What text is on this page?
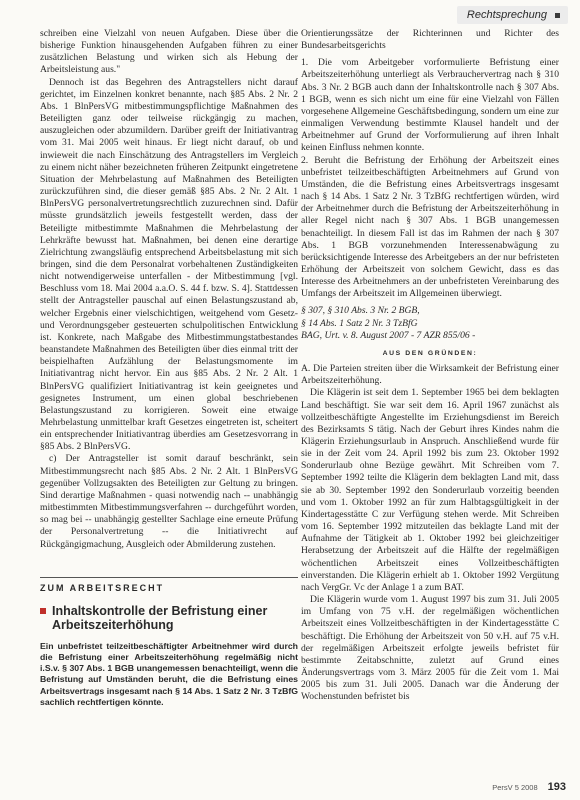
Rechtsprechung

schreiben eine Vielzahl von neuen Aufgaben. Diese über die bisherige Funktion hinausgehenden Aufgaben führen zu einer zusätzlichen Belastung und wirken sich als Hebung der Arbeitsleistung aus."

Dennoch ist das Begehren des Antragstellers nicht darauf gerichtet, im Einzelnen konkret benannte, nach §85 Abs. 2 Nr. 2 Abs. 1 BlnPersVG mitbestimmungspflichtige Maßnahmen des Beteiligten ganz oder teilweise rückgängig zu machen, auszugleichen oder abzumildern. Darüber greift der Initiativantrag vom 31. Mai 2005 weit hinaus. Er liegt nicht darauf, ob und inwieweit die nach Einschätzung des Antragstellers im Vergleich zu einem nicht näher bezeichneten früheren Zeitpunkt eingetretene Situation der Mehrbelastung auf Maßnahmen des Beteiligten zurückzuführen sind, die dieser gemäß §85 Abs. 2 Nr. 2 Alt. 1 BlnPersVG personalvertretungsrechtlich zuzurechnen sind. Dafür müsste grundsätzlich jeweils festgestellt werden, dass der Beteiligte mitbestimmte Maßnahmen die Mehrbelastung der Lehrkräfte bewusst hat. Maßnahmen, bei denen eine derartige Zielrichtung zwangsläufig entsprechend Arbeitsbelastung mit sich bringen, sind die dem Personalrat vorbehaltenen Zuständigkeiten nicht notwendigerweise unterfallen - der Mitbestimmung [vgl. Beschluss vom 18. Mai 2004 a.a.O. S. 44 f. bzw. S. 4]. Stattdessen stellt der Antragsteller pauschal auf einen Belastungszustand ab, welcher Ergebnis einer vielschichtigen, weitgehend vom Gesetz- und Verordnungsgeber gesteuerten schulpolitischen Entwicklung ist. Konkrete, nach Maßgabe des Mitbestimmungstatbestandes beanstandete Maßnahmen des Beteiligten über dies einmal tritt der beispielhaften Aufzählung der Belastungsmomente im Initiativantrag nicht hervor. Ein aus §85 Abs. 2 Nr. 2 Alt. 1 BlnPersVG qualifiziert Initiativantrag ist kein geeignetes und gesignetes Instrument, um einen global beschriebenen Belastungszustand zu korrigieren. Soweit eine etwaige Mehrbelastung unmittelbar kraft Gesetzes eingetreten ist, scheitert ein entsprechender Initiativantrag überdies am Gesetzesvorrang in §85 Abs. 2 BlnPersVG.

c) Der Antragsteller ist somit darauf beschränkt, sein Mitbestimmungsrecht nach §85 Abs. 2 Nr. 2 Alt. 1 BlnPersVG gegenüber Vollzugsakten des Beteiligten zur Geltung zu bringen. Sind derartige Maßnahmen - quasi notwendig nach -- unabhängig mitbestimmten Mitbestimmungsverfahren -- durchgeführt worden, so mag bei -- unabhängig gestellter Sachlage eine erneute Prüfung der Personalvertretung -- die Initiativrecht auf Rückgängigmachung, Ausgleich oder Abmilderung zustehen.

ZUM ARBEITSRECHT
Inhaltskontrolle der Befristung einer Arbeitszeiterhöhung
Ein unbefristet teilzeitbeschäftigter Arbeitnehmer wird durch die Befristung einer Arbeitszeiterhöhung regelmäßig nicht i.S.v. § 307 Abs. 1 BGB unangemessen benachteiligt, wenn die Befristung auf Umständen beruht, die die Befristung eines Arbeitsvertrags insgesamt nach § 14 Abs. 1 Satz 2 Nr. 3 TzBfG sachlich rechtfertigen könnte.

Orientierungssätze der Richterinnen und Richter des Bundesarbeitsgerichts

1. Die vom Arbeitgeber vorformulierte Befristung einer Arbeitszeiterhöhung unterliegt als Verbrauchervertrag nach § 310 Abs. 3 Nr. 2 BGB auch dann der Inhaltskontrolle nach § 307 Abs. 1 BGB, wenn es sich nicht um eine für eine Vielzahl von Fällen vorgesehene Allgemeine Geschäftsbedingung, sondern um eine zur einmaligen Verwendung bestimmte Klausel handelt und der Arbeitnehmer auf Grund der Vorformulierung auf ihren Inhalt keinen Einfluss nehmen konnte.

2. Beruht die Befristung der Erhöhung der Arbeitszeit eines unbefristet teilzeitbeschäftigten Arbeitnehmers auf Grund von Umständen, die die Befristung eines Arbeitsvertrags insgesamt nach § 14 Abs. 1 Satz 2 Nr. 3 TzBfG rechtfertigen würden, wird der Arbeitnehmer durch die Befristung der Arbeitszeiterhöhung in aller Regel nicht nach § 307 Abs. 1 BGB unangemessen benachteiligt. In diesem Fall ist das im Rahmen der nach § 307 Abs. 1 BGB vorzunehmenden Interessenabwägung zu berücksichtigende Interesse des Arbeitgebers an der nur befristeten Erhöhung der Arbeitszeit von solchem Gewicht, dass es das Interesse des Arbeitnehmers an der unbefristeten Vereinbarung des Umfangs der Arbeitszeit im Allgemeinen überwiegt.

§ 307, § 310 Abs. 3 Nr. 2 BGB,

§ 14 Abs. 1 Satz 2 Nr. 3 TzBfG

BAG, Urt. v. 8. August 2007 - 7 AZR 855/06 -

AUS DEN GRÜNDEN:

A. Die Parteien streiten über die Wirksamkeit der Befristung einer Arbeitszeiterhöhung.

Die Klägerin ist seit dem 1. September 1965 bei dem beklagten Land beschäftigt. Sie war seit dem 16. April 1967 zunächst als vollzeitbeschäftigte Angestellte im Erziehungsdienst im Bereich des Bezirksamts S tätig. Nach der Geburt ihres Kindes nahm die Klägerin Erziehungsurlaub in Anspruch. Anschließend wurde für sie in der Zeit vom 24. April 1992 bis zum 23. Oktober 1992 Sonderurlaub ohne Bezüge gewährt. Mit Schreiben vom 7. September 1992 teilte die Klägerin dem beklagten Land mit, dass sie ab 30. September 1992 den Sonderurlaub vorzeitig beenden und vom 1. Oktober 1992 an für zum Halbtagsgültigkeit in der Kindertagesstätte C zur Verfügung stehen werde. Mit Schreiben vom 16. September 1992 mitzuteilen das beklagte Land mit der Aufnahme der Tätigkeit ab 1. Oktober 1992 bei gleichzeitiger Herabsetzung der Arbeitszeit auf die Hälfte der regelmäßigen wöchentlichen Arbeitszeit eines Vollzeitbeschäftigten einverstanden. Die Klägerin erhielt ab 1. Oktober 1992 Vergütung nach VergGr. Vc der Anlage 1 a zum BAT.

Die Klägerin wurde vom 1. August 1997 bis zum 31. Juli 2005 im Umfang von 75 v.H. der regelmäßigen wöchentlichen Arbeitszeit eines Vollzeitbeschäftigten in der Kindertagesstätte C beschäftigt. Die Erhöhung der Arbeitszeit von 50 v.H. auf 75 v.H. der regelmäßigen Arbeitszeit erfolgte jeweils befristet für bestimmte Zeitabschnitte, zuletzt auf Grund eines Änderungsvertrags vom 3. März 2005 für die Zeit vom 1. Mai 2005 bis zum 31. Juli 2005. Danach war die Änderung der Wochenstunden befristet bis

PersV 5 2008 193
